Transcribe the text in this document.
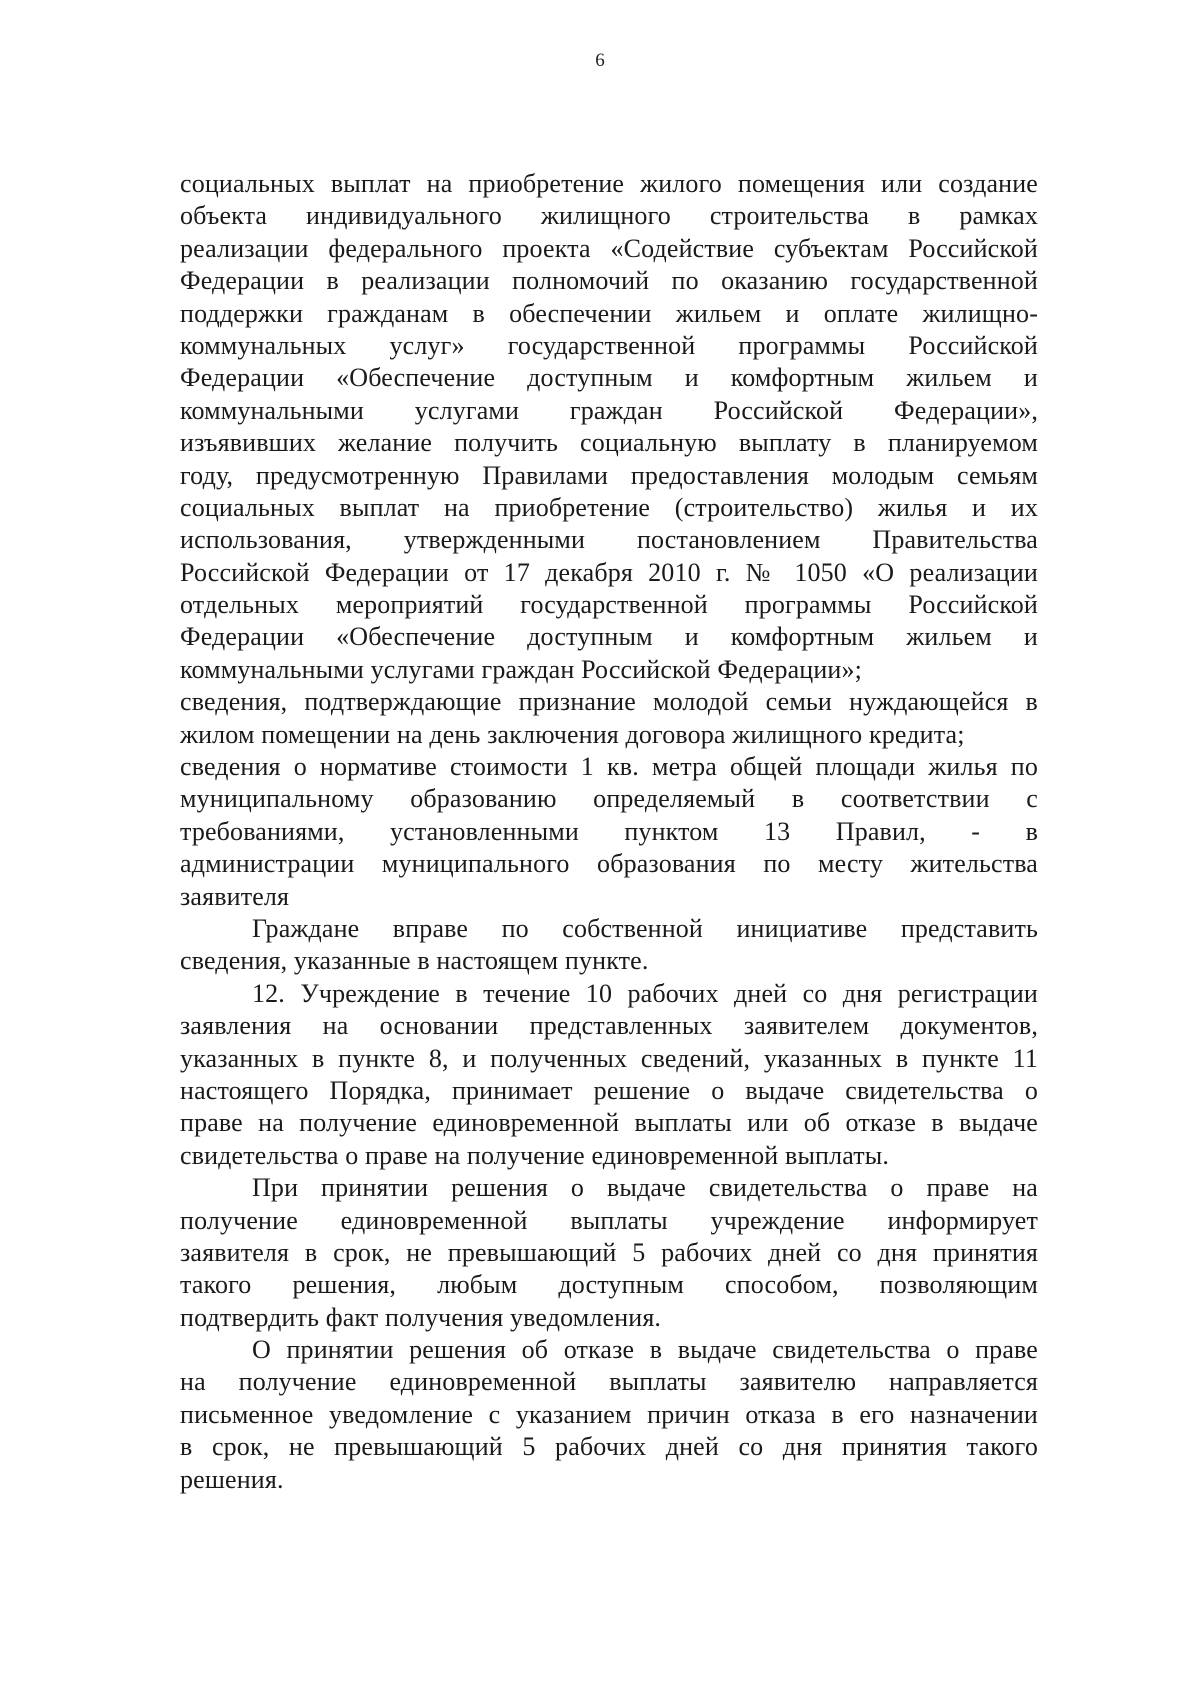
6
социальных выплат на приобретение жилого помещения или создание
объекта индивидуального жилищного строительства в рамках
реализации федерального проекта «Содействие субъектам Российской
Федерации в реализации полномочий по оказанию государственной
поддержки гражданам в обеспечении жильем и оплате жилищно-
коммунальных услуг» государственной программы Российской
Федерации «Обеспечение доступным и комфортным жильем и
коммунальными услугами граждан Российской Федерации»,
изъявивших желание получить социальную выплату в планируемом
году, предусмотренную Правилами предоставления молодым семьям
социальных выплат на приобретение (строительство) жилья и их
использования, утвержденными постановлением Правительства
Российской Федерации от 17 декабря 2010 г. № 1050 «О реализации
отдельных мероприятий государственной программы Российской
Федерации «Обеспечение доступным и комфортным жильем и
коммунальными услугами граждан Российской Федерации»;
сведения, подтверждающие признание молодой семьи нуждающейся в
жилом помещении на день заключения договора жилищного кредита;
сведения о нормативе стоимости 1 кв. метра общей площади жилья по
муниципальному образованию определяемый в соответствии с
требованиями, установленными пунктом 13 Правил, - в
администрации муниципального образования по месту жительства
заявителя
Граждане вправе по собственной инициативе представить
сведения, указанные в настоящем пункте.
12. Учреждение в течение 10 рабочих дней со дня регистрации
заявления на основании представленных заявителем документов,
указанных в пункте 8, и полученных сведений, указанных в пункте 11
настоящего Порядка, принимает решение о выдаче свидетельства о
праве на получение единовременной выплаты или об отказе в выдаче
свидетельства о праве на получение единовременной выплаты.
При принятии решения о выдаче свидетельства о праве на
получение единовременной выплаты учреждение информирует
заявителя в срок, не превышающий 5 рабочих дней со дня принятия
такого решения, любым доступным способом, позволяющим
подтвердить факт получения уведомления.
О принятии решения об отказе в выдаче свидетельства о праве
на получение единовременной выплаты заявителю направляется
письменное уведомление с указанием причин отказа в его назначении
в срок, не превышающий 5 рабочих дней со дня принятия такого
решения.
